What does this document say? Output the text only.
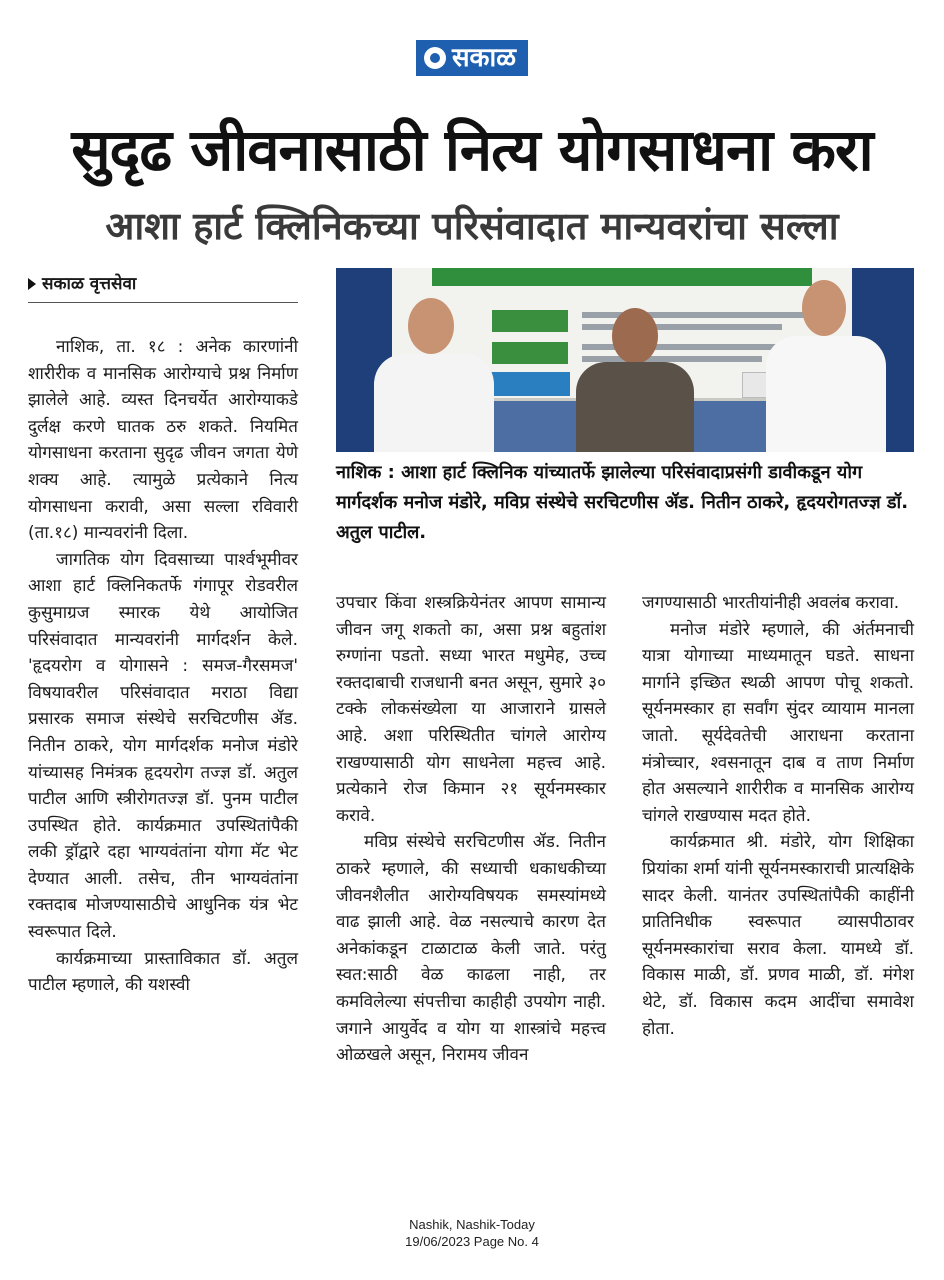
सकाळ
सुदृढ जीवनासाठी नित्य योगसाधना करा
आशा हार्ट क्लिनिकच्या परिसंवादात मान्यवरांचा सल्ला
सकाळ वृत्तसेवा

नाशिक : आशा हार्ट क्लिनिक यांच्यातर्फे झालेल्या परिसंवादाप्रसंगी डावीकडून योग मार्गदर्शक मनोज मंडोरे, मविप्र संस्थेचे सरचिटणीस ॲड. नितीन ठाकरे, हृदयरोगतज्ज्ञ डॉ. अतुल पाटील.

नाशिक, ता. १८ : अनेक कारणांनी शारीरीक व मानसिक आरोग्याचे प्रश्न निर्माण झालेले आहे. व्यस्त दिनचर्येत आरोग्याकडे दुर्लक्ष करणे घातक ठरु शकते. नियमित योगसाधना करताना सुदृढ जीवन जगता येणे शक्य आहे. त्यामुळे प्रत्येकाने नित्य योगसाधना करावी, असा सल्ला रविवारी (ता.१८) मान्यवरांनी दिला.

जागतिक योग दिवसाच्या पार्श्वभूमीवर आशा हार्ट क्लिनिकतर्फे गंगापूर रोडवरील कुसुमाग्रज स्मारक येथे आयोजित परिसंवादात मान्यवरांनी मार्गदर्शन केले. 'हृदयरोग व योगासने : समज-गैरसमज' विषयावरील परिसंवादात मराठा विद्या प्रसारक समाज संस्थेचे सरचिटणीस ॲड. नितीन ठाकरे, योग मार्गदर्शक मनोज मंडोरे यांच्यासह निमंत्रक हृदयरोग तज्ज्ञ डॉ. अतुल पाटील आणि स्त्रीरोगतज्ज्ञ डॉ. पुनम पाटील उपस्थित होते. कार्यक्रमात उपस्थितांपैकी लकी ड्रॉद्वारे दहा भाग्यवंतांना योगा मॅट भेट देण्यात आली. तसेच, तीन भाग्यवंतांना रक्तदाब मोजण्यासाठीचे आधुनिक यंत्र भेट स्वरूपात दिले.

कार्यक्रमाच्या प्रास्ताविकात डॉ. अतुल पाटील म्हणाले, की यशस्वी

उपचार किंवा शस्त्रक्रियेनंतर आपण सामान्य जीवन जगू शकतो का, असा प्रश्न बहुतांश रुग्णांना पडतो. सध्या भारत मधुमेह, उच्च रक्तदाबाची राजधानी बनत असून, सुमारे ३० टक्के लोकसंख्येला या आजाराने ग्रासले आहे. अशा परिस्थितीत चांगले आरोग्य राखण्यासाठी योग साधनेला महत्त्व आहे. प्रत्येकाने रोज किमान २१ सूर्यनमस्कार करावे.

मविप्र संस्थेचे सरचिटणीस ॲड. नितीन ठाकरे म्हणाले, की सध्याची धकाधकीच्या जीवनशैलीत आरोग्यविषयक समस्यांमध्ये वाढ झाली आहे. वेळ नसल्याचे कारण देत अनेकांकडून टाळाटाळ केली जाते. परंतु स्वत:साठी वेळ काढला नाही, तर कमविलेल्या संपत्तीचा काहीही उपयोग नाही. जगाने आयुर्वेद व योग या शास्त्रांचे महत्त्व ओळखले असून, निरामय जीवन

जगण्यासाठी भारतीयांनीही अवलंब करावा.

मनोज मंडोरे म्हणाले, की अंर्तमनाची यात्रा योगाच्या माध्यमातून घडते. साधना मार्गाने इच्छित स्थळी आपण पोचू शकतो. सूर्यनमस्कार हा सर्वांग सुंदर व्यायाम मानला जातो. सूर्यदेवतेची आराधना करताना मंत्रोच्चार, श्वसनातून दाब व ताण निर्माण होत असल्याने शारीरीक व मानसिक आरोग्य चांगले राखण्यास मदत होते.

कार्यक्रमात श्री. मंडोरे, योग शिक्षिका प्रियांका शर्मा यांनी सूर्यनमस्काराची प्रात्यक्षिके सादर केली. यानंतर उपस्थितांपैकी काहींनी प्रातिनिधीक स्वरूपात व्यासपीठावर सूर्यनमस्कारांचा सराव केला. यामध्ये डॉ. विकास माळी, डॉ. प्रणव माळी, डॉ. मंगेश थेटे, डॉ. विकास कदम आदींचा समावेश होता.

Nashik, Nashik-Today
19/06/2023 Page No. 4
